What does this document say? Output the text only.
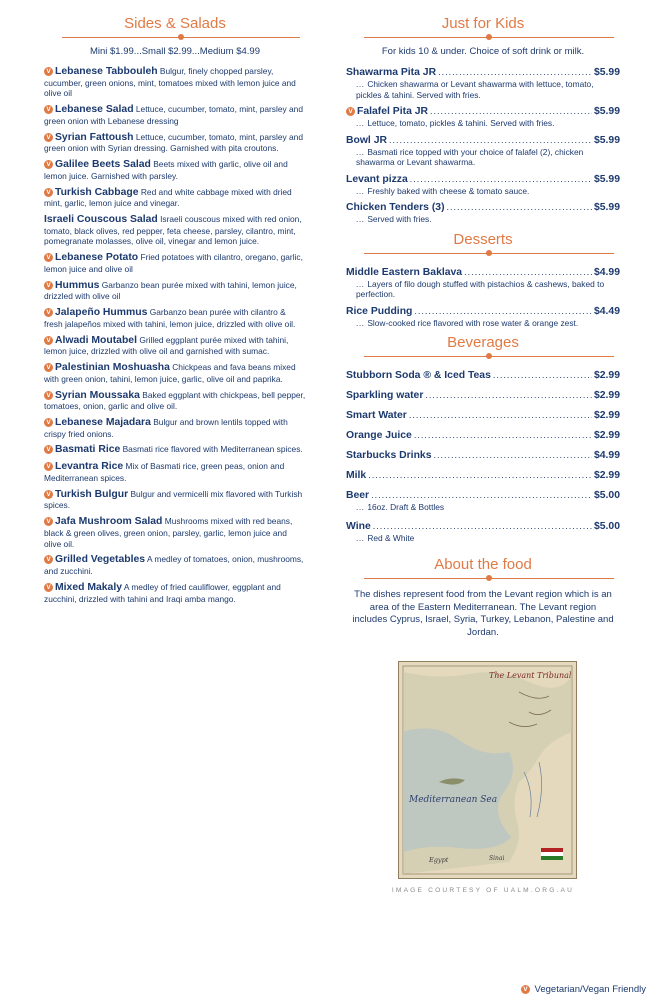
Sides & Salads
Mini $1.99...Small $2.99...Medium $4.99
V Lebanese Tabbouleh Bulgur, finely chopped parsley, cucumber, green onions, mint, tomatoes mixed with lemon juice and olive oil
V Lebanese Salad Lettuce, cucumber, tomato, mint, parsley and green onion with Lebanese dressing
V Syrian Fattoush Lettuce, cucumber, tomato, mint, parsley and green onion with Syrian dressing. Garnished with pita croutons.
V Galilee Beets Salad Beets mixed with garlic, olive oil and lemon juice. Garnished with parsley.
V Turkish Cabbage Red and white cabbage mixed with dried mint, garlic, lemon juice and vinegar.
Israeli Couscous Salad Israeli couscous mixed with red onion, tomato, black olives, red pepper, feta cheese, parsley, cilantro, mint, pomegranate molasses, olive oil, vinegar and lemon juice.
V Lebanese Potato Fried potatoes with cilantro, oregano, garlic, lemon juice and olive oil
V Hummus Garbanzo bean purée mixed with tahini, lemon juice, drizzled with olive oil
V Jalapeño Hummus Garbanzo bean purée with cilantro & fresh jalapeños mixed with tahini, lemon juice, drizzled with olive oil.
V Alwadi Moutabel Grilled eggplant purée mixed with tahini, lemon juice, drizzled with olive oil and garnished with sumac.
V Palestinian Moshuasha Chickpeas and fava beans mixed with green onion, tahini, lemon juice, garlic, olive oil and paprika.
V Syrian Moussaka Baked eggplant with chickpeas, bell pepper, tomatoes, onion, garlic and olive oil.
V Lebanese Majadara Bulgur and brown lentils topped with crispy fried onions.
V Basmati Rice Basmati rice flavored with Mediterranean spices.
V Levantra Rice Mix of Basmati rice, green peas, onion and Mediterranean spices.
V Turkish Bulgur Bulgur and vermicelli mix flavored with Turkish spices.
V Jafa Mushroom Salad Mushrooms mixed with red beans, black & green olives, green onion, parsley, garlic, lemon juice and olive oil.
V Grilled Vegetables A medley of tomatoes, onion, mushrooms, and zucchini.
V Mixed Makaly A medley of fried cauliflower, eggplant and zucchini, drizzled with tahini and Iraqi amba mango.
Just for Kids
For kids 10 & under. Choice of soft drink or milk.
Shawarma Pita JR .....	$5.99
... Chicken shawarma or Levant shawarma with lettuce, tomato, pickles & tahini. Served with fries.
V Falafel Pita JR .....	$5.99
... Lettuce, tomato, pickles & tahini. Served with fries.
Bowl JR .....	$5.99
... Basmati rice topped with your choice of falafel (2), chicken shawarma or Levant shawarma.
Levant pizza .....	$5.99
... Freshly baked with cheese & tomato sauce.
Chicken Tenders (3) .....	$5.99
... Served with fries.
Desserts
Middle Eastern Baklava .....	$4.99
... Layers of filo dough stuffed with pistachios & cashews, baked to perfection.
Rice Pudding .....	$4.49
... Slow-cooked rice flavored with rose water & orange zest.
Beverages
Stubborn Soda ® & Iced Teas .....	$2.99
Sparkling water .....	$2.99
Smart Water .....	$2.99
Orange Juice .....	$2.99
Starbucks Drinks .....	$4.99
Milk .....	$2.99
Beer .....	$5.00
... 16oz. Draft & Bottles
Wine .....	$5.00
... Red & White
About the food
The dishes represent food from the Levant region which is an area of the Eastern Mediterranean. The Levant region includes Cyprus, Israel, Syria, Turkey, Lebanon, Palestine and Jordan.
The Levant Tribunal
Mediterranean Sea
Egypt	Sinai
IMAGE COURTESY OF UALM.ORG.AU
V Vegetarian/Vegan Friendly
